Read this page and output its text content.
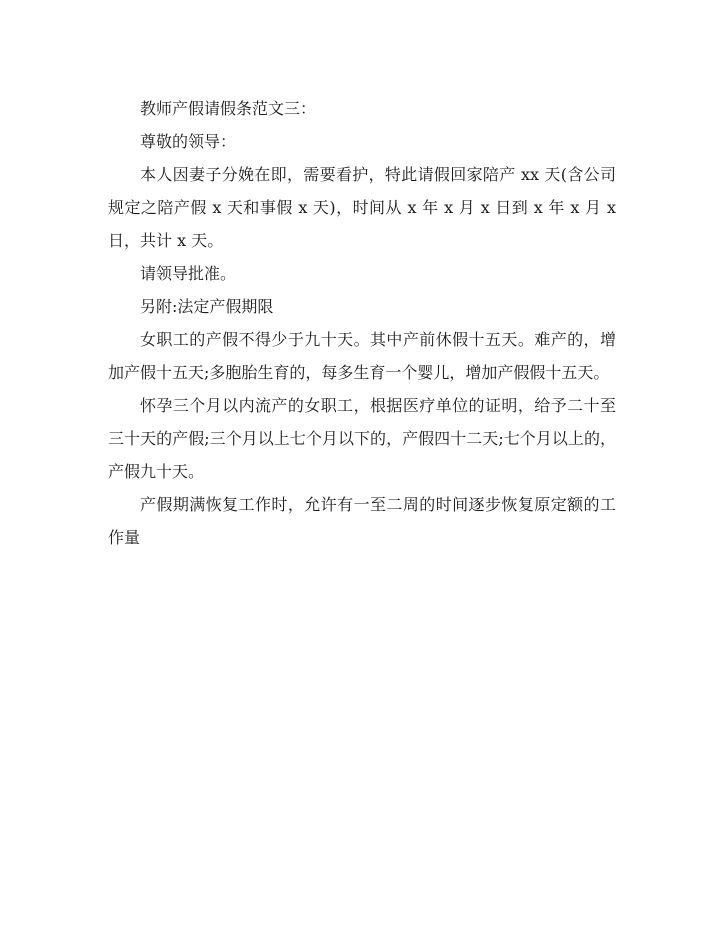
教师产假请假条范文三：

尊敬的领导：

本人因妻子分娩在即，需要看护，特此请假回家陪产 xx 天(含公司规定之陪产假 x 天和事假 x 天)，时间从 x 年 x 月 x 日到 x 年 x 月 x 日，共计 x 天。

请领导批准。

另附:法定产假期限

女职工的产假不得少于九十天。其中产前休假十五天。难产的，增加产假十五天;多胞胎生育的，每多生育一个婴儿，增加产假假十五天。

怀孕三个月以内流产的女职工，根据医疗单位的证明，给予二十至三十天的产假;三个月以上七个月以下的，产假四十二天;七个月以上的，产假九十天。

产假期满恢复工作时，允许有一至二周的时间逐步恢复原定额的工作量
